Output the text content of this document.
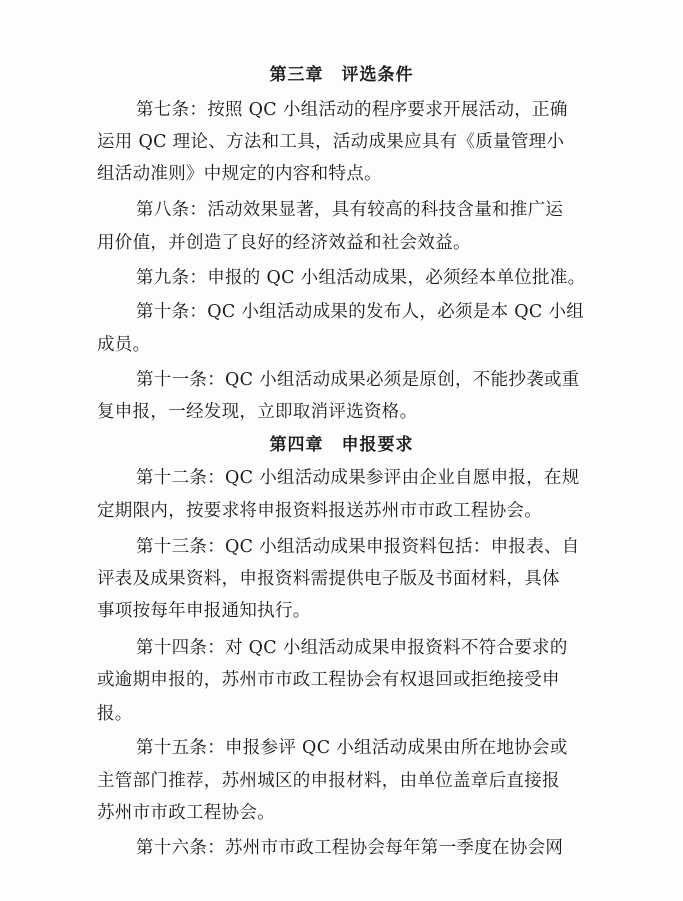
第三章　评选条件
第七条：按照 QC 小组活动的程序要求开展活动，正确
运用 QC 理论、方法和工具，活动成果应具有《质量管理小
组活动准则》中规定的内容和特点。
第八条：活动效果显著，具有较高的科技含量和推广运
用价值，并创造了良好的经济效益和社会效益。
第九条：申报的 QC 小组活动成果，必须经本单位批准。
第十条：QC 小组活动成果的发布人，必须是本 QC 小组
成员。
第十一条：QC 小组活动成果必须是原创，不能抄袭或重
复申报，一经发现，立即取消评选资格。
第四章　申报要求
第十二条：QC 小组活动成果参评由企业自愿申报，在规
定期限内，按要求将申报资料报送苏州市市政工程协会。
第十三条：QC 小组活动成果申报资料包括：申报表、自
评表及成果资料，申报资料需提供电子版及书面材料，具体
事项按每年申报通知执行。
第十四条：对 QC 小组活动成果申报资料不符合要求的
或逾期申报的，苏州市市政工程协会有权退回或拒绝接受申
报。
第十五条：申报参评 QC 小组活动成果由所在地协会或
主管部门推荐，苏州城区的申报材料，由单位盖章后直接报
苏州市市政工程协会。
第十六条：苏州市市政工程协会每年第一季度在协会网
